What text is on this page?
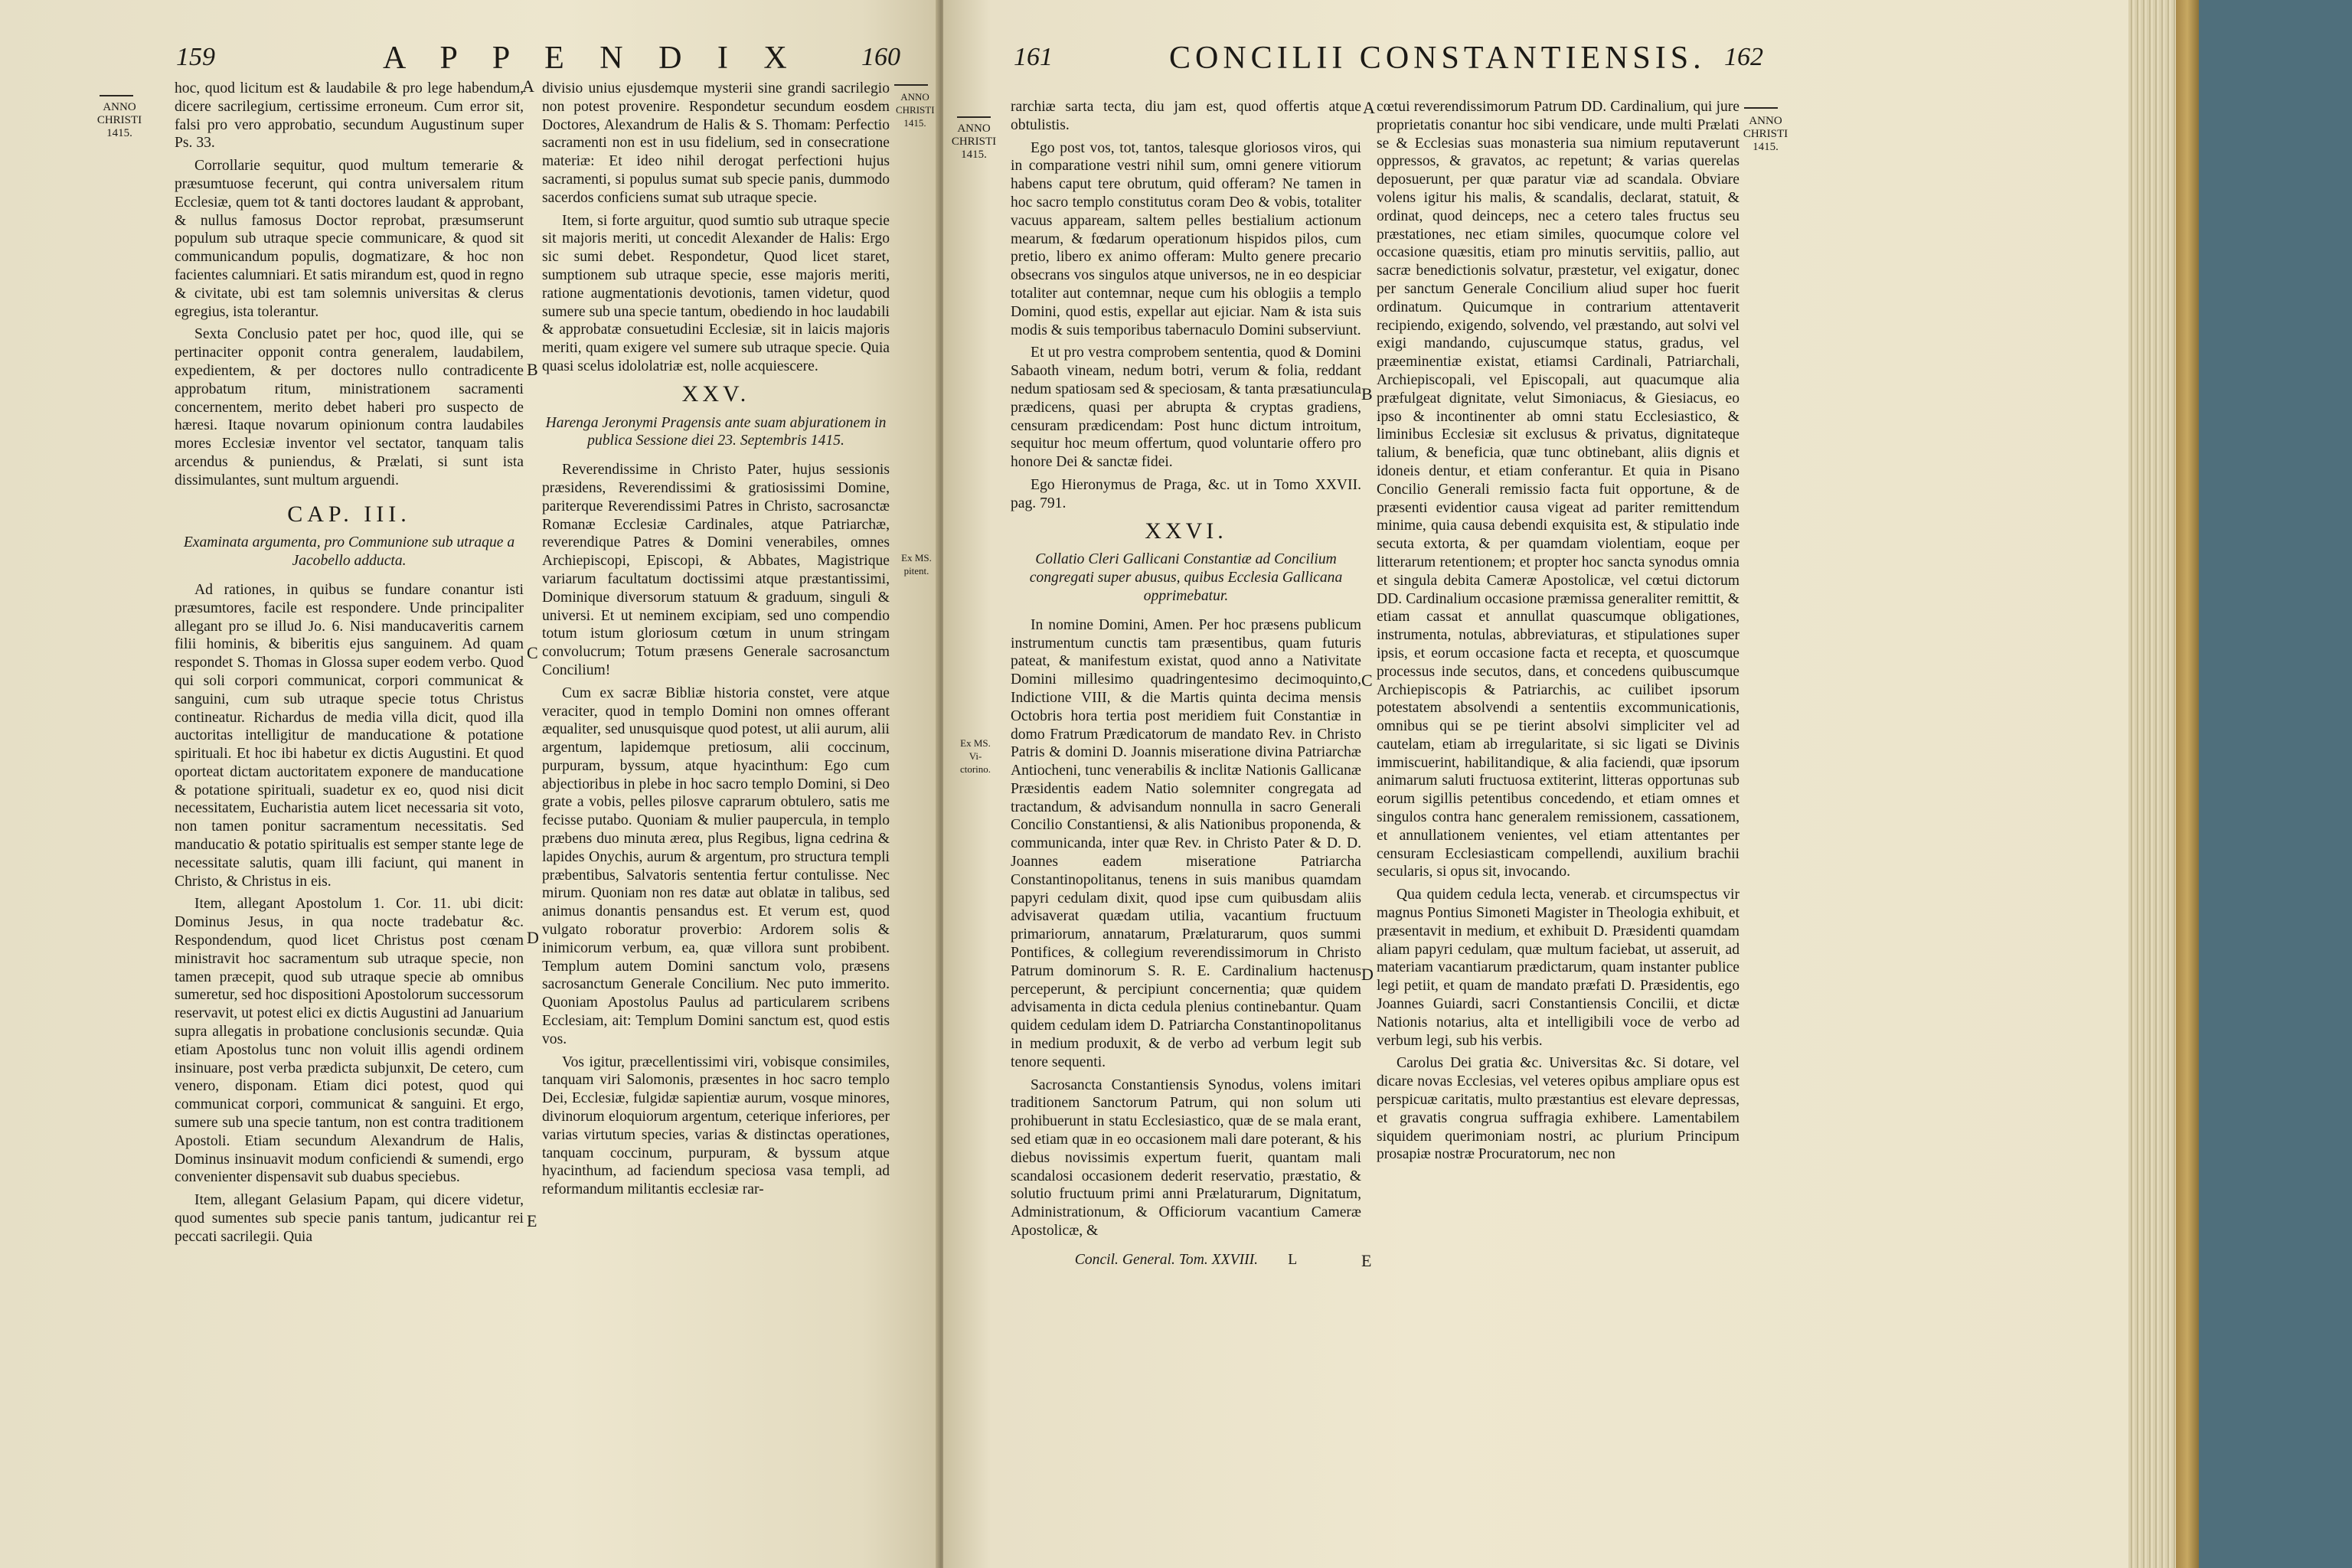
159	A P P E N D I X 160
ANNO CHRISTI 1415.
ANNO CHRISTI 1415.
Ex MS. pitent.
A
B
C
D
E

hoc, quod licitum est & laudabile & pro lege habendum, dicere sacrilegium, certissime erroneum. Cum error sit, falsi pro vero approbatio, secundum Augustinum super Ps. 33.

Corrollarie sequitur, quod multum temerarie & præsumtuose fecerunt, qui contra universalem ritum Ecclesiæ, quem tot & tanti doctores laudant & approbant, & nullus famosus Doctor reprobat, præsumserunt populum sub utraque specie communicare, & quod sit communicandum populis, dogmatizare, & hoc non facientes calumniari. Et satis mirandum est, quod in regno & civitate, ubi est tam solemnis universitas & clerus egregius, ista tolerantur.

Sexta Conclusio patet per hoc, quod ille, qui se pertinaciter opponit contra generalem, laudabilem, expedientem, & per doctores nullo contradicente approbatum ritum, ministrationem sacramenti concernentem, merito debet haberi pro suspecto de hæresi. Itaque novarum opinionum contra laudabiles mores Ecclesiæ inventor vel sectator, tanquam talis arcendus & puniendus, & Prælati, si sunt ista dissimulantes, sunt multum arguendi.

CAP. III.
Examinata argumenta, pro Communione sub utraque a Jacobello adducta.

Ad rationes, in quibus se fundare conantur isti præsumtores, facile est respondere. Unde principaliter allegant pro se illud Jo. 6. Nisi manducaveritis carnem filii hominis, & biberitis ejus sanguinem. Ad quam respondet S. Thomas in Glossa super eodem verbo. Quod qui soli corpori communicat, corpori communicat & sanguini, cum sub utraque specie totus Christus contineatur. Richardus de media villa dicit, quod illa auctoritas intelligitur de manducatione & potatione spirituali. Et hoc ibi habetur ex dictis Augustini. Et quod oporteat dictam auctoritatem exponere de manducatione & potatione spirituali, suadetur ex eo, quod nisi dicit necessitatem, Eucharistia autem licet necessaria sit voto, non tamen ponitur sacramentum necessitatis. Sed manducatio & potatio spiritualis est semper stante lege de necessitate salutis, quam illi faciunt, qui manent in Christo, & Christus in eis.

Item, allegant Apostolum 1. Cor. 11. ubi dicit: Dominus Jesus, in qua nocte tradebatur &c. Respondendum, quod licet Christus post cœnam ministravit hoc sacramentum sub utraque specie, non tamen præcepit, quod sub utraque specie ab omnibus sumeretur, sed hoc dispositioni Apostolorum successorum reservavit, ut potest elici ex dictis Augustini ad Januarium supra allegatis in probatione conclusionis secundæ. Quia etiam Apostolus tunc non voluit illis agendi ordinem insinuare, post verba prædicta subjunxit, De cetero, cum venero, disponam. Etiam dici potest, quod qui communicat corpori, communicat & sanguini. Et ergo, sumere sub una specie tantum, non est contra traditionem Apostoli. Etiam secundum Alexandrum de Halis, Dominus insinuavit modum conficiendi & sumendi, ergo convenienter dispensavit sub duabus speciebus.

Item, allegant Gelasium Papam, qui dicere videtur, quod sumentes sub specie panis tantum, judicantur rei peccati sacrilegii. Quia

divisio unius ejusdemque mysterii sine grandi sacrilegio non potest provenire. Respondetur secundum eosdem Doctores, Alexandrum de Halis & S. Thomam: Perfectio sacramenti non est in usu fidelium, sed in consecratione materiæ: Et ideo nihil derogat perfectioni hujus sacramenti, si populus sumat sub specie panis, dummodo sacerdos conficiens sumat sub utraque specie.

Item, si forte arguitur, quod sumtio sub utraque specie sit majoris meriti, ut concedit Alexander de Halis: Ergo sic sumi debet. Respondetur, Quod licet staret, sumptionem sub utraque specie, esse majoris meriti, ratione augmentationis devotionis, tamen videtur, quod sumere sub una specie tantum, obediendo in hoc laudabili & approbatæ consuetudini Ecclesiæ, sit in laicis majoris meriti, quam exigere vel sumere sub utraque specie. Quia quasi scelus idololatriæ est, nolle acquiescere.

XXV.
Harenga Jeronymi Pragensis ante suam abjurationem in publica Sessione diei 23. Septembris 1415.

Reverendissime in Christo Pater, hujus sessionis præsidens, Reverendissimi & gratiosissimi Domine, pariterque Reverendissimi Patres in Christo, sacrosanctæ Romanæ Ecclesiæ Cardinales, atque Patriarchæ, reverendique Patres & Domini venerabiles, omnes Archiepiscopi, Episcopi, & Abbates, Magistrique variarum facultatum doctissimi atque præstantissimi, Dominique diversorum statuum & graduum, singuli & universi. Et ut neminem excipiam, sed uno compendio totum istum gloriosum cœtum in unum stringam convolucrum; Totum præsens Generale sacrosanctum Concilium!

Cum ex sacræ Bibliæ historia constet, vere atque veraciter, quod in templo Domini non omnes offerant æqualiter, sed unusquisque quod potest, ut alii aurum, alii argentum, lapidemque pretiosum, alii coccinum, purpuram, byssum, atque hyacinthum: Ego cum abjectioribus in plebe in hoc sacro templo Domini, si Deo grate a vobis, pelles pilosve caprarum obtulero, satis me fecisse putabo. Quoniam & mulier paupercula, in templo præbens duo minuta æreα, plus Regibus, ligna cedrina & lapides Onychis, aurum & argentum, pro structura templi præbentibus, Salvatoris sententia fertur contulisse. Nec mirum. Quoniam non res datæ aut oblatæ in talibus, sed animus donantis pensandus est. Et verum est, quod vulgato roboratur proverbio: Ardorem solis & inimicorum verbum, ea, quæ villora sunt probibent. Templum autem Domini sanctum volo, præsens sacrosanctum Generale Concilium. Nec puto immerito. Quoniam Apostolus Paulus ad particularem scribens Ecclesiam, ait: Templum Domini sanctum est, quod estis vos.

Vos igitur, præcellentissimi viri, vobisque consimiles, tanquam viri Salomonis, præsentes in hoc sacro templo Dei, Ecclesiæ, fulgidæ sapientiæ aurum, vosque minores, divinorum eloquiorum argentum, ceterique inferiores, per varias virtutum species, varias & distinctas operationes, tanquam coccinum, purpuram, & byssum atque hyacinthum, ad faciendum speciosa vasa templi, ad reformandum militantis ecclesiæ rar-

161	CONCILII CONSTANTIENSIS. 162
ANNO CHRISTI 1415.
ANNO CHRISTI 1415.
Ex MS. Vi-ctorino.
A
B
C
D
E

rarchiæ sarta tecta, diu jam est, quod offertis atque obtulistis.

Ego post vos, tot, tantos, talesque gloriosos viros, qui in comparatione vestri nihil sum, omni genere vitiorum habens caput tere obrutum, quid offeram? Ne tamen in hoc sacro templo constitutus coram Deo & vobis, totaliter vacuus appaream, saltem pelles bestialium actionum mearum, & fœdarum operationum hispidos pilos, cum pretio, libero ex animo offeram: Multo genere precario obsecrans vos singulos atque universos, ne in eo despiciar totaliter aut contemnar, neque cum his oblogiis a templo Domini, quod estis, expellar aut ejiciar. Nam & ista suis modis & suis temporibus tabernaculo Domini subserviunt.

Et ut pro vestra comprobem sententia, quod & Domini Sabaoth vineam, nedum botri, verum & folia, reddant nedum spatiosam sed & speciosam, & tanta præsatiuncula prædicens, quasi per abrupta & cryptas gradiens, censuram prædicendam: Post hunc dictum introitum, sequitur hoc meum offertum, quod voluntarie offero pro honore Dei & sanctæ fidei.

Ego Hieronymus de Praga, &c. ut in Tomo XXVII. pag. 791.

XXVI.
Collatio Cleri Gallicani Constantiæ ad Concilium congregati super abusus, quibus Ecclesia Gallicana opprimebatur.

In nomine Domini, Amen. Per hoc præsens publicum instrumentum cunctis tam præsentibus, quam futuris pateat, & manifestum existat, quod anno a Nativitate Domini millesimo quadringentesimo decimoquinto, Indictione VIII, & die Martis quinta decima mensis Octobris hora tertia post meridiem fuit Constantiæ in domo Fratrum Prædicatorum de mandato Rev. in Christo Patris & domini D. Joannis miseratione divina Patriarchæ Antiocheni, tunc venerabilis & inclitæ Nationis Gallicanæ Præsidentis eadem Natio solemniter congregata ad tractandum, & advisandum nonnulla in sacro Generali Concilio Constantiensi, & alis Nationibus proponenda, & communicanda, inter quæ Rev. in Christo Pater & D. D. Joannes eadem miseratione Patriarcha Constantinopolitanus, tenens in suis manibus quamdam papyri cedulam dixit, quod ipse cum quibusdam aliis advisaverat quædam utilia, vacantium fructuum primariorum, annatarum, Prælaturarum, quos summi Pontifices, & collegium reverendissimorum in Christo Patrum dominorum S. R. E. Cardinalium hactenus perceperunt, & percipiunt concernentia; quæ quidem advisamenta in dicta cedula plenius continebantur. Quam quidem cedulam idem D. Patriarcha Constantinopolitanus in medium produxit, & de verbo ad verbum legit sub tenore sequenti.

Sacrosancta Constantiensis Synodus, volens imitari traditionem Sanctorum Patrum, qui non solum uti prohibuerunt in statu Ecclesiastico, quæ de se mala erant, sed etiam quæ in eo occasionem mali dare poterant, & his diebus novissimis expertum fuerit, quantam mali scandalosi occasionem dederit reservatio, præstatio, & solutio fructuum primi anni Prælaturarum, Dignitatum, Administrationum, & Officiorum vacantium Cameræ Apostolicæ, &

Concil. General. Tom. XXVIII. L

cœtui reverendissimorum Patrum DD. Cardinalium, qui jure proprietatis conantur hoc sibi vendicare, unde multi Prælati se & Ecclesias suas monasteria sua nimium reputaverunt oppressos, & gravatos, ac repetunt; & varias querelas deposuerunt, per quæ paratur viæ ad scandala. Obviare volens igitur his malis, & scandalis, declarat, statuit, & ordinat, quod deinceps, nec a cetero tales fructus seu præstationes, nec etiam similes, quocumque colore vel occasione quæsitis, etiam pro minutis servitiis, pallio, aut sacræ benedictionis solvatur, præstetur, vel exigatur, donec per sanctum Generale Concilium aliud super hoc fuerit ordinatum. Quicumque in contrarium attentaverit recipiendo, exigendo, solvendo, vel præstando, aut solvi vel exigi mandando, cujuscumque status, gradus, vel præeminentiæ existat, etiamsi Cardinali, Patriarchali, Archiepiscopali, vel Episcopali, aut quacumque alia præfulgeat dignitate, velut Simoniacus, & Giesiacus, eo ipso & incontinenter ab omni statu Ecclesiastico, & liminibus Ecclesiæ sit exclusus & privatus, dignitateque talium, & beneficia, quæ tunc obtinebant, aliis dignis et idoneis dentur, et etiam conferantur. Et quia in Pisano Concilio Generali remissio facta fuit opportune, & de præsenti evidentior causa vigeat ad pariter remittendum minime, quia causa debendi exquisita est, & stipulatio inde secuta extorta, & per quamdam violentiam, eoque per litterarum retentionem; et propter hoc sancta synodus omnia et singula debita Cameræ Apostolicæ, vel cœtui dictorum DD. Cardinalium occasione præmissa generaliter remittit, & etiam cassat et annullat quascumque obligationes, instrumenta, notulas, abbreviaturas, et stipulationes super ipsis, et eorum occasione facta et recepta, et quoscumque processus inde secutos, dans, et concedens quibuscumque Archiepiscopis & Patriarchis, ac cuilibet ipsorum potestatem absolvendi a sententiis excommunicationis, omnibus qui se pe tierint absolvi simpliciter vel ad cautelam, etiam ab irregularitate, si sic ligati se Divinis immiscuerint, habilitandique, & alia faciendi, quæ ipsorum animarum saluti fructuosa extiterint, litteras opportunas sub eorum sigillis petentibus concedendo, et etiam omnes et singulos contra hanc generalem remissionem, cassationem, et annullationem venientes, vel etiam attentantes per censuram Ecclesiasticam compellendi, auxilium brachii secularis, si opus sit, invocando.

Qua quidem cedula lecta, venerab. et circumspectus vir magnus Pontius Simoneti Magister in Theologia exhibuit, et præsentavit in medium, et exhibuit D. Præsidenti quamdam aliam papyri cedulam, quæ multum faciebat, ut asseruit, ad materiam vacantiarum prædictarum, quam instanter publice legi petiit, et quam de mandato præfati D. Præsidentis, ego Joannes Guiardi, sacri Constantiensis Concilii, et dictæ Nationis notarius, alta et intelligibili voce de verbo ad verbum legi, sub his verbis.

Carolus Dei gratia &c. Universitas &c. Si dotare, vel dicare novas Ecclesias, vel veteres opibus ampliare opus est perspicuæ caritatis, multo præstantius est elevare depressas, et gravatis congrua suffragia exhibere. Lamentabilem siquidem querimoniam nostri, ac plurium Principum prosapiæ nostræ Procuratorum, nec non
